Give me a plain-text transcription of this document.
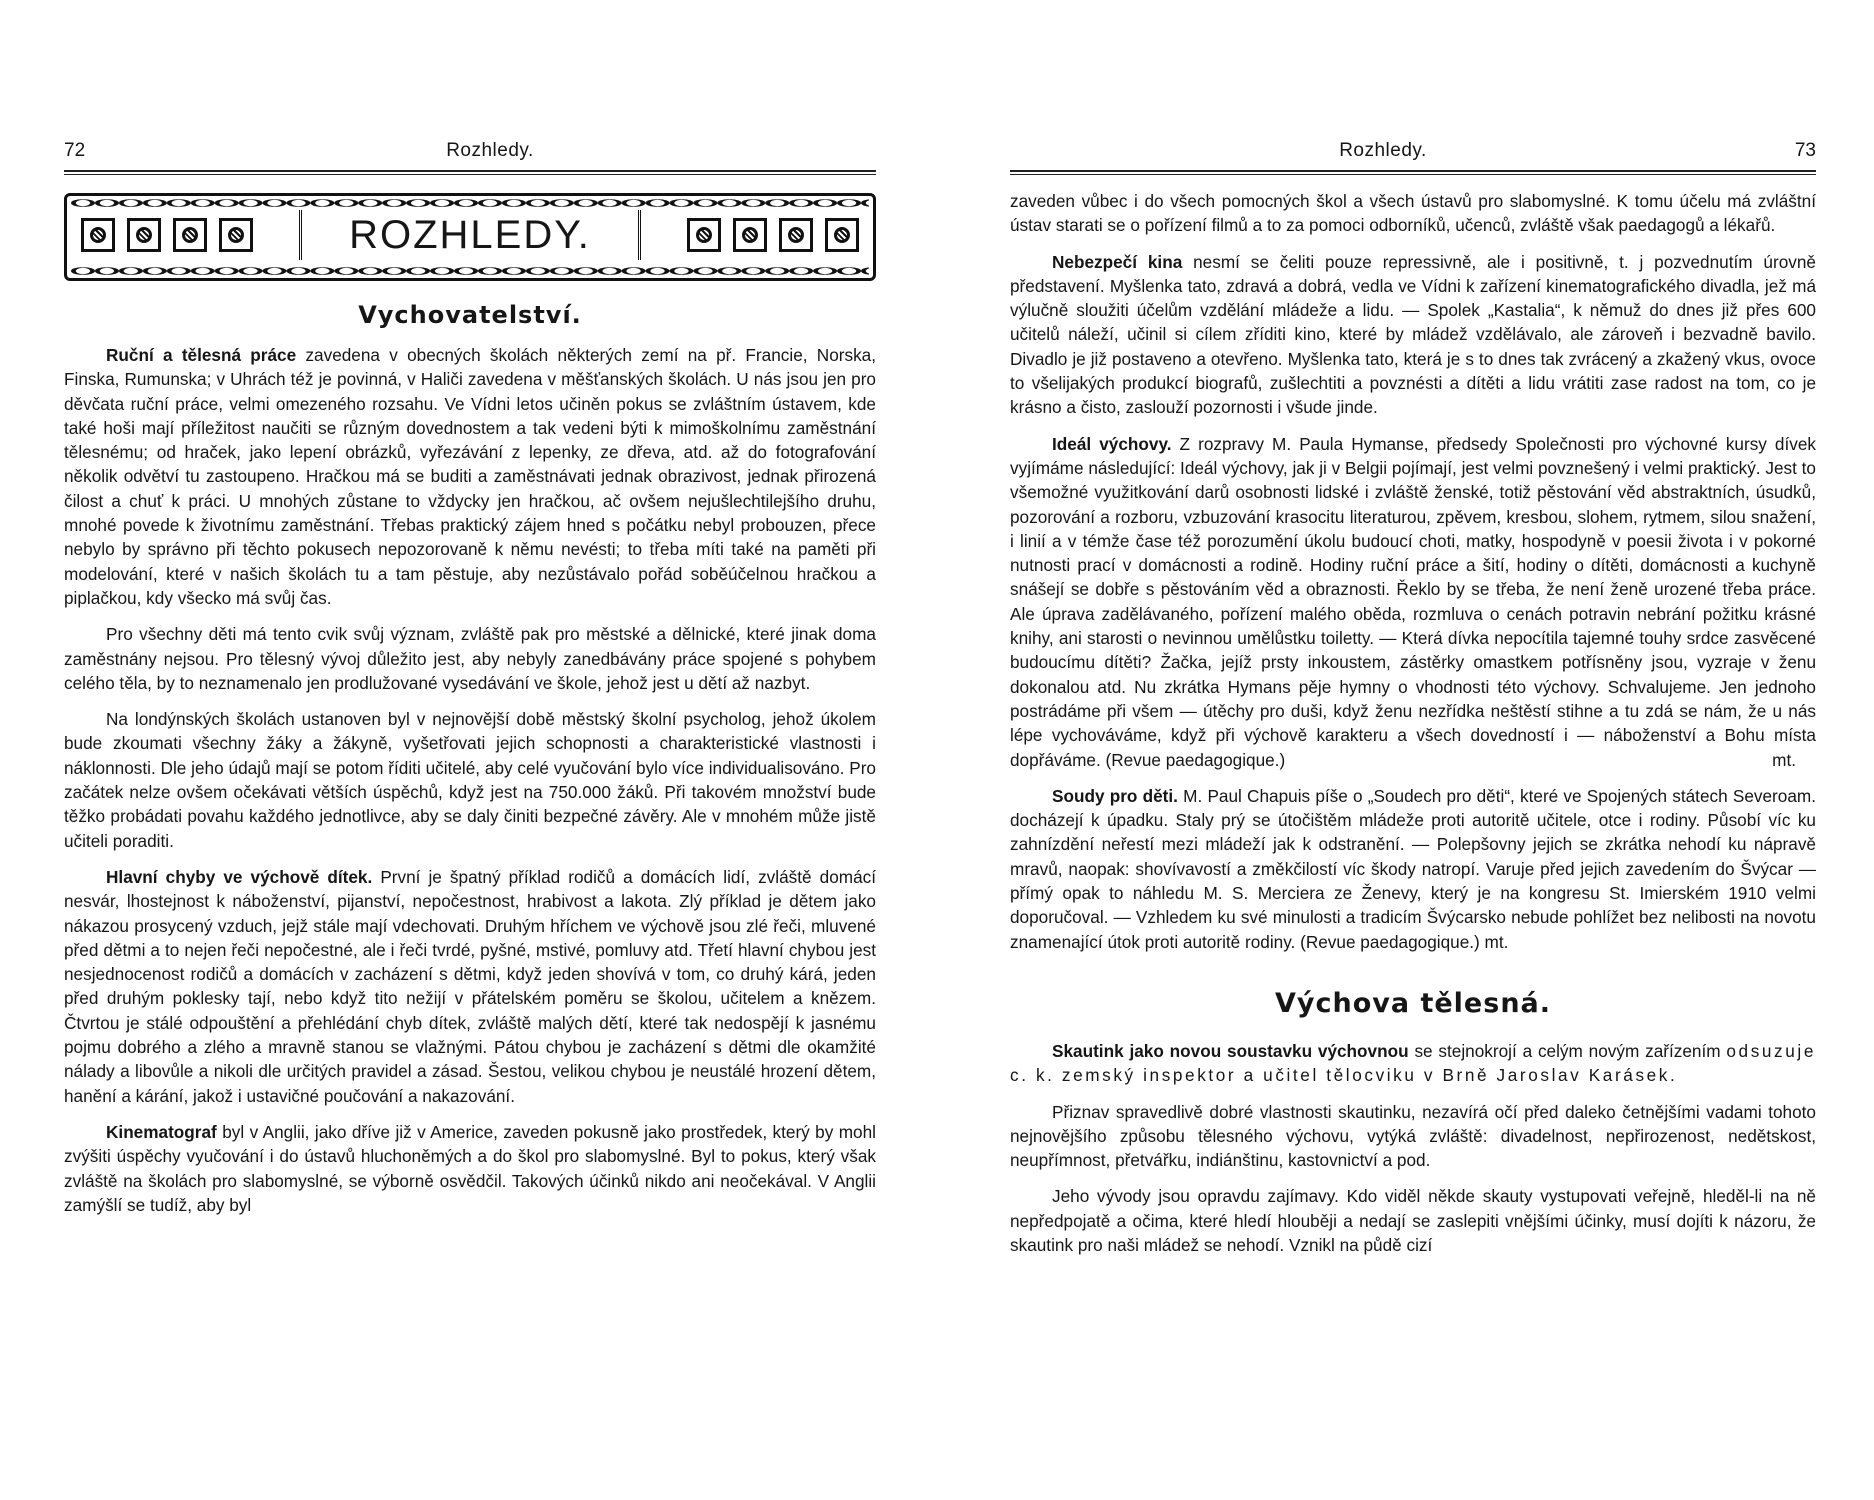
72	Rozhledy.
ROZHLEDY.
Vychovatelství.

Ruční a tělesná práce zavedena v obecných školách některých zemí na př. Francie, Norska, Finska, Rumunska; v Uhrách též je povinná, v Haliči zavedena v měšťanských školách. U nás jsou jen pro děvčata ruční práce, velmi omezeného rozsahu. Ve Vídni letos učiněn pokus se zvláštním ústavem, kde také hoši mají příležitost naučiti se různým dovednostem a tak vedeni býti k mimoškolnímu zaměstnání tělesnému; od hraček, jako lepení obrázků, vyřezávání z lepenky, ze dřeva, atd. až do fotografování několik odvětví tu zastoupeno. Hračkou má se buditi a zaměstnávati jednak obrazivost, jednak přirozená čilost a chuť k práci. U mnohých zůstane to vždycky jen hračkou, ač ovšem nejušlechtilejšího druhu, mnohé povede k životnímu zaměstnání. Třebas praktický zájem hned s počátku nebyl probouzen, přece nebylo by správno při těchto pokusech nepozorovaně k němu nevésti; to třeba míti také na paměti při modelování, které v našich školách tu a tam pěstuje, aby nezůstávalo pořád soběúčelnou hračkou a piplačkou, kdy všecko má svůj čas.

Pro všechny děti má tento cvik svůj význam, zvláště pak pro městské a dělnické, které jinak doma zaměstnány nejsou. Pro tělesný vývoj důležito jest, aby nebyly zanedbávány práce spojené s pohybem celého těla, by to neznamenalo jen prodlužované vysedávání ve škole, jehož jest u dětí až nazbyt.

Na londýnských školách ustanoven byl v nejnovější době městský školní psycholog, jehož úkolem bude zkoumati všechny žáky a žákyně, vyšetřovati jejich schopnosti a charakteristické vlastnosti i náklonnosti. Dle jeho údajů mají se potom říditi učitelé, aby celé vyučování bylo více individualisováno. Pro začátek nelze ovšem očekávati větších úspěchů, když jest na 750.000 žáků. Při takovém množství bude těžko probádati povahu každého jednotlivce, aby se daly činiti bezpečné závěry. Ale v mnohém může jistě učiteli poraditi.

Hlavní chyby ve výchově dítek. První je špatný příklad rodičů a domácích lidí, zvláště domácí nesvár, lhostejnost k náboženství, pijanství, nepočestnost, hrabivost a lakota. Zlý příklad je dětem jako nákazou prosycený vzduch, jejž stále mají vdechovati. Druhým hříchem ve výchově jsou zlé řeči, mluvené před dětmi a to nejen řeči nepočestné, ale i řeči tvrdé, pyšné, mstivé, pomluvy atd. Třetí hlavní chybou jest nesjednocenost rodičů a domácích v zacházení s dětmi, když jeden shovívá v tom, co druhý kárá, jeden před druhým poklesky tají, nebo když tito nežijí v přátelském poměru se školou, učitelem a knězem. Čtvrtou je stálé odpouštění a přehlédání chyb dítek, zvláště malých dětí, které tak nedospějí k jasnému pojmu dobrého a zlého a mravně stanou se vlažnými. Pátou chybou je zacházení s dětmi dle okamžité nálady a libovůle a nikoli dle určitých pravidel a zásad. Šestou, velikou chybou je neustálé hrození dětem, hanění a kárání, jakož i ustavičné poučování a nakazování.

Kinematograf byl v Anglii, jako dříve již v Americe, zaveden pokusně jako prostředek, který by mohl zvýšiti úspěchy vyučování i do ústavů hluchoněmých a do škol pro slabomyslné. Byl to pokus, který však zvláště na školách pro slabomyslné, se výborně osvědčil. Takových účinků nikdo ani neočekával. V Anglii zamýšlí se tudíž, aby byl

Rozhledy.	73

zaveden vůbec i do všech pomocných škol a všech ústavů pro slabomyslné. K tomu účelu má zvláštní ústav starati se o pořízení filmů a to za pomoci odborníků, učenců, zvláště však paedagogů a lékařů.

Nebezpečí kina nesmí se čeliti pouze repressivně, ale i positivně, t. j pozvednutím úrovně představení. Myšlenka tato, zdravá a dobrá, vedla ve Vídni k zařízení kinematografického divadla, jež má výlučně sloužiti účelům vzdělání mládeže a lidu. — Spolek „Kastalia“, k němuž do dnes již přes 600 učitelů náleží, učinil si cílem zříditi kino, které by mládež vzdělávalo, ale zároveň i bezvadně bavilo. Divadlo je již postaveno a otevřeno. Myšlenka tato, která je s to dnes tak zvrácený a zkažený vkus, ovoce to všelijakých produkcí biografů, zušlechtiti a povznésti a dítěti a lidu vrátiti zase radost na tom, co je krásno a čisto, zaslouží pozornosti i všude jinde.

Ideál výchovy. Z rozpravy M. Paula Hymanse, předsedy Společnosti pro výchovné kursy dívek vyjímáme následující: Ideál výchovy, jak ji v Belgii pojímají, jest velmi povznešený i velmi praktický. Jest to všemožné využitkování darů osobnosti lidské i zvláště ženské, totiž pěstování věd abstraktních, úsudků, pozorování a rozboru, vzbuzování krasocitu literaturou, zpěvem, kresbou, slohem, rytmem, silou snažení, i linií a v témže čase též porozumění úkolu budoucí choti, matky, hospodyně v poesii života i v pokorné nutnosti prací v domácnosti a rodině. Hodiny ruční práce a šití, hodiny o dítěti, domácnosti a kuchyně snášejí se dobře s pěstováním věd a obraznosti. Řeklo by se třeba, že není ženě urozené třeba práce. Ale úprava zadělávaného, pořízení malého oběda, rozmluva o cenách potravin nebrání požitku krásné knihy, ani starosti o nevinnou umělůstku toiletty. — Která dívka nepocítila tajemné touhy srdce zasvěcené budoucímu dítěti? Žačka, jejíž prsty inkoustem, zástěrky omastkem potřísněny jsou, vyzraje v ženu dokonalou atd. Nu zkrátka Hymans pěje hymny o vhodnosti této výchovy. Schvalujeme. Jen jednoho postrádáme při všem — útěchy pro duši, když ženu nezřídka neštěstí stihne a tu zdá se nám, že u nás lépe vychováváme, když při výchově karakteru a všech dovedností i — náboženství a Bohu místa dopřáváme. (Revue paedagogique.)	mt.

Soudy pro děti. M. Paul Chapuis píše o „Soudech pro děti“, které ve Spojených státech Severoam. docházejí k úpadku. Staly prý se útočištěm mládeže proti autoritě učitele, otce i rodiny. Působí víc ku zahnízdění neřestí mezi mládeží jak k odstranění. — Polepšovny jejich se zkrátka nehodí ku nápravě mravů, naopak: shovívavostí a změkčilostí víc škody natropí. Varuje před jejich zavedením do Švýcar — přímý opak to náhledu M. S. Merciera ze Ženevy, který je na kongresu St. Imierském 1910 velmi doporučoval. — Vzhledem ku své minulosti a tradicím Švýcarsko nebude pohlížet bez nelibosti na novotu znamenající útok proti autoritě rodiny. (Revue paedagogique.) mt.

Výchova tělesná.

Skautink jako novou soustavku výchovnou se stejnokrojí a celým novým zařízením odsuzuje c. k. zemský inspektor a učitel tělocviku v Brně Jaroslav Karásek.

Přiznav spravedlivě dobré vlastnosti skautinku, nezavírá očí před daleko četnějšími vadami tohoto nejnovějšího způsobu tělesného výchovu, vytýká zvláště: divadelnost, nepřirozenost, nedětskost, neupřímnost, přetvářku, indiánštinu, kastovnictví a pod.

Jeho vývody jsou opravdu zajímavy. Kdo viděl někde skauty vystupovati veřejně, hleděl-li na ně nepředpojatě a očima, které hledí hlouběji a nedají se zaslepiti vnějšími účinky, musí dojíti k názoru, že skautink pro naši mládež se nehodí. Vznikl na půdě cizí
